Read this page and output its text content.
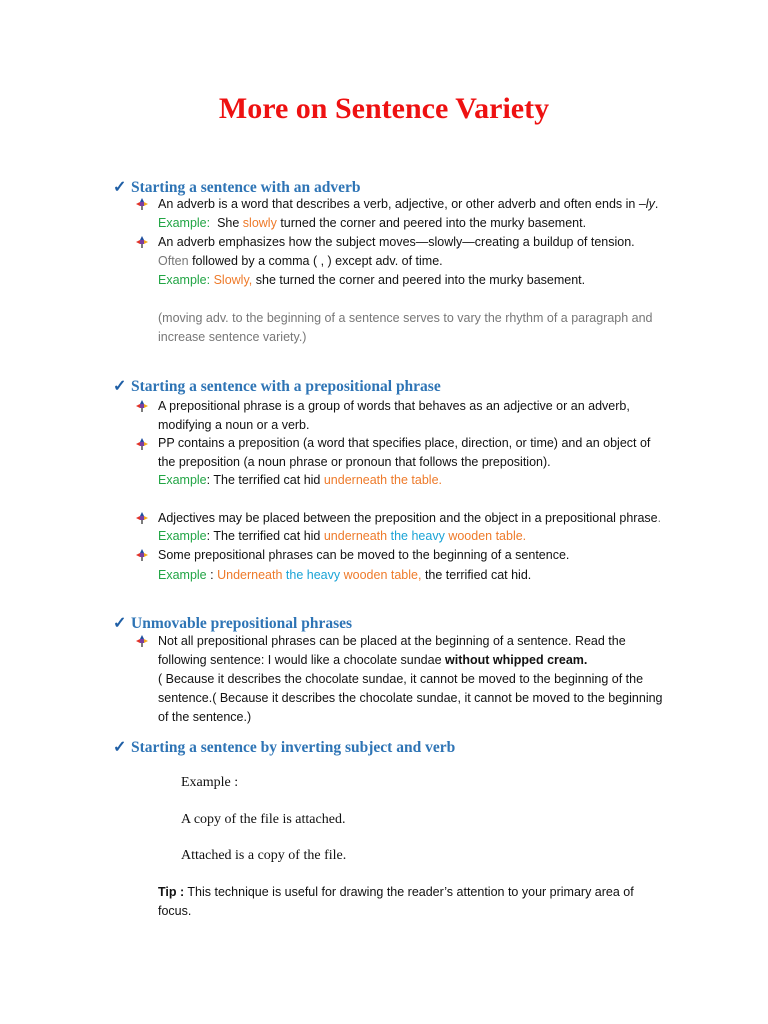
More on Sentence Variety
✓ Starting a sentence with an adverb
An adverb is a word that describes a verb, adjective, or other adverb and often ends in –ly.
Example: She slowly turned the corner and peered into the murky basement.
An adverb emphasizes how the subject moves—slowly—creating a buildup of tension.
Often followed by a comma ( , ) except adv. of time.
Example: Slowly, she turned the corner and peered into the murky basement.
(moving adv. to the beginning of a sentence serves to vary the rhythm of a paragraph and
increase sentence variety.)
✓ Starting a sentence with a prepositional phrase
A prepositional phrase is a group of words that behaves as an adjective or an adverb,
modifying a noun or a verb.
PP contains a preposition (a word that specifies place, direction, or time) and an object of
the preposition (a noun phrase or pronoun that follows the preposition).
Example: The terrified cat hid underneath the table.
Adjectives may be placed between the preposition and the object in a prepositional phrase.
Example: The terrified cat hid underneath the heavy wooden table.
Some prepositional phrases can be moved to the beginning of a sentence.
Example : Underneath the heavy wooden table, the terrified cat hid.
✓ Unmovable prepositional phrases
Not all prepositional phrases can be placed at the beginning of a sentence. Read the
following sentence: I would like a chocolate sundae without whipped cream.
( Because it describes the chocolate sundae, it cannot be moved to the beginning of the
sentence.( Because it describes the chocolate sundae, it cannot be moved to the beginning
of the sentence.)
✓ Starting a sentence by inverting subject and verb
Example :
A copy of the file is attached.
Attached is a copy of the file.
Tip : This technique is useful for drawing the reader’s attention to your primary area of
focus.
